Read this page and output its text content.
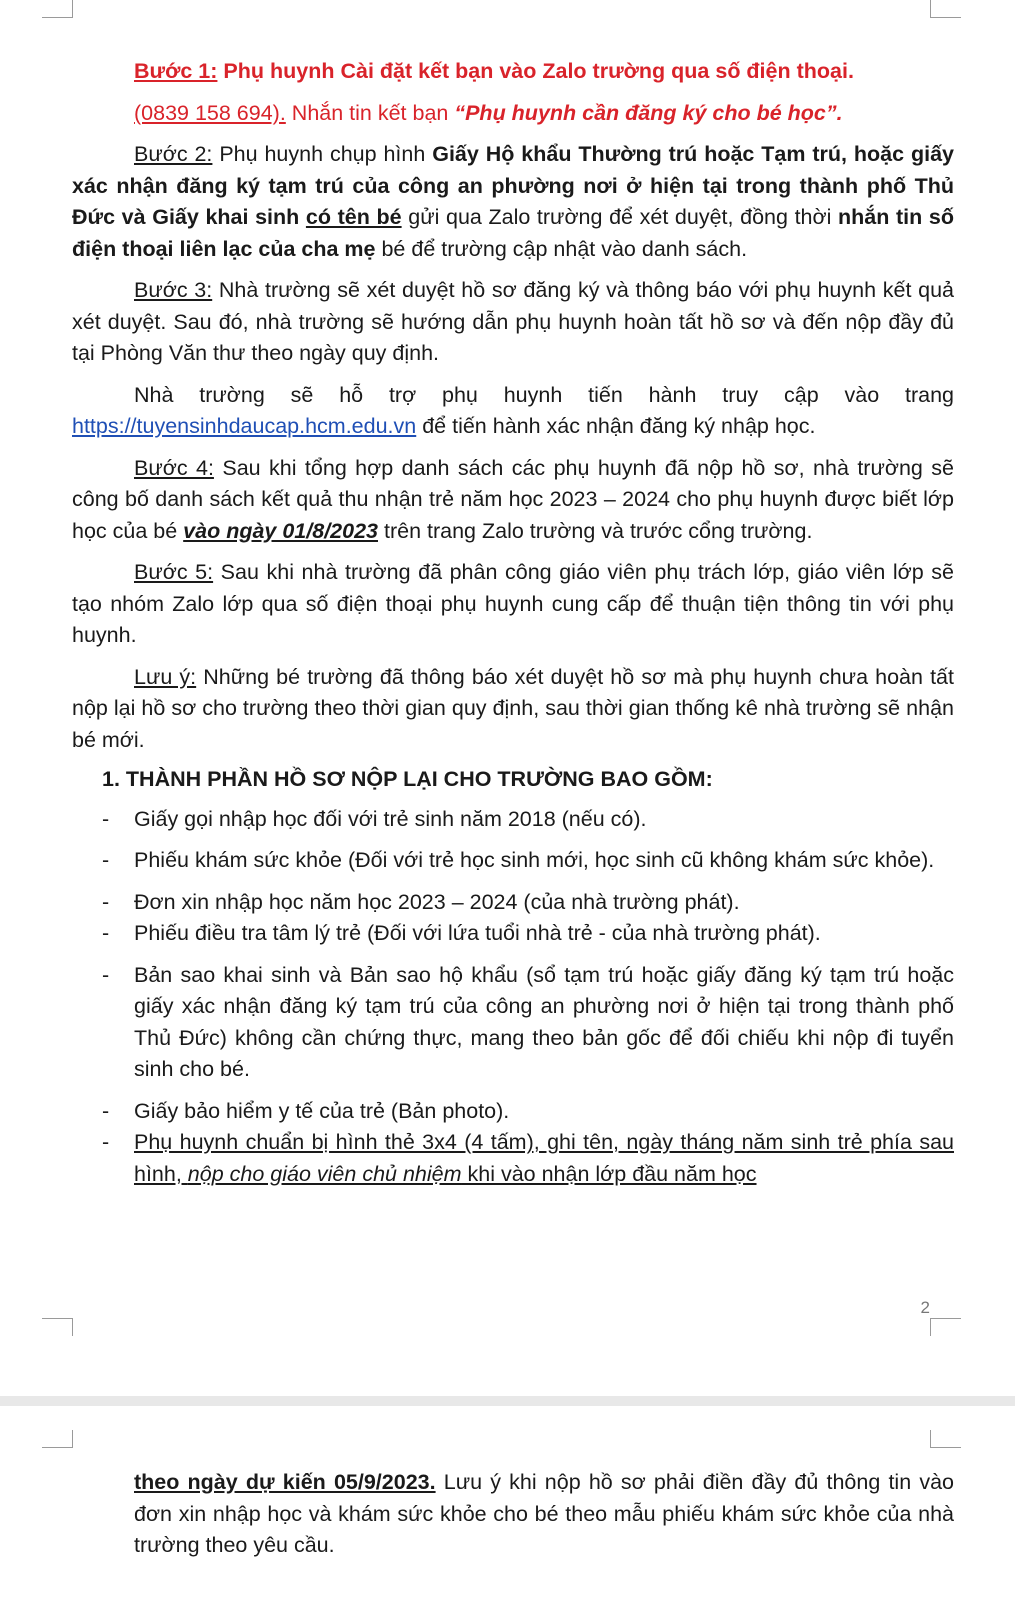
Bước 1: Phụ huynh Cài đặt kết bạn vào Zalo trường qua số điện thoại.

(0839 158 694). Nhắn tin kết bạn “Phụ huynh cần đăng ký cho bé học”.

Bước 2: Phụ huynh chụp hình Giấy Hộ khẩu Thường trú hoặc Tạm trú, hoặc giấy xác nhận đăng ký tạm trú của công an phường nơi ở hiện tại trong thành phố Thủ Đức và Giấy khai sinh có tên bé gửi qua Zalo trường để xét duyệt, đồng thời nhắn tin số điện thoại liên lạc của cha mẹ bé để trường cập nhật vào danh sách.

Bước 3: Nhà trường sẽ xét duyệt hồ sơ đăng ký và thông báo với phụ huynh kết quả xét duyệt. Sau đó, nhà trường sẽ hướng dẫn phụ huynh hoàn tất hồ sơ và đến nộp đầy đủ tại Phòng Văn thư theo ngày quy định.

Nhà trường sẽ hỗ trợ phụ huynh tiến hành truy cập vào trang

https://tuyensinhdaucap.hcm.edu.vn để tiến hành xác nhận đăng ký nhập học.

Bước 4: Sau khi tổng hợp danh sách các phụ huynh đã nộp hồ sơ, nhà trường sẽ công bố danh sách kết quả thu nhận trẻ năm học 2023 – 2024 cho phụ huynh được biết lớp học của bé vào ngày 01/8/2023 trên trang Zalo trường và trước cổng trường.

Bước 5: Sau khi nhà trường đã phân công giáo viên phụ trách lớp, giáo viên lớp sẽ tạo nhóm Zalo lớp qua số điện thoại phụ huynh cung cấp để thuận tiện thông tin với phụ huynh.

Lưu ý: Những bé trường đã thông báo xét duyệt hồ sơ mà phụ huynh chưa hoàn tất nộp lại hồ sơ cho trường theo thời gian quy định, sau thời gian thống kê nhà trường sẽ nhận bé mới.

1. THÀNH PHẦN HỒ SƠ NỘP LẠI CHO TRƯỜNG BAO GỒM:

- Giấy gọi nhập học đối với trẻ sinh năm 2018 (nếu có).

- Phiếu khám sức khỏe (Đối với trẻ học sinh mới, học sinh cũ không khám sức khỏe).

- Đơn xin nhập học năm học 2023 – 2024 (của nhà trường phát).

- Phiếu điều tra tâm lý trẻ (Đối với lứa tuổi nhà trẻ - của nhà trường phát).

- Bản sao khai sinh và Bản sao hộ khẩu (sổ tạm trú hoặc giấy đăng ký tạm trú hoặc giấy xác nhận đăng ký tạm trú của công an phường nơi ở hiện tại trong thành phố Thủ Đức) không cần chứng thực, mang theo bản gốc để đối chiếu khi nộp đi tuyển sinh cho bé.

- Giấy bảo hiểm y tế của trẻ (Bản photo).

- Phụ huynh chuẩn bị hình thẻ 3x4 (4 tấm), ghi tên, ngày tháng năm sinh trẻ phía sau hình, nộp cho giáo viên chủ nhiệm khi vào nhận lớp đầu năm học

2

theo ngày dự kiến 05/9/2023. Lưu ý khi nộp hồ sơ phải điền đầy đủ thông tin vào đơn xin nhập học và khám sức khỏe cho bé theo mẫu phiếu khám sức khỏe của nhà trường theo yêu cầu.
